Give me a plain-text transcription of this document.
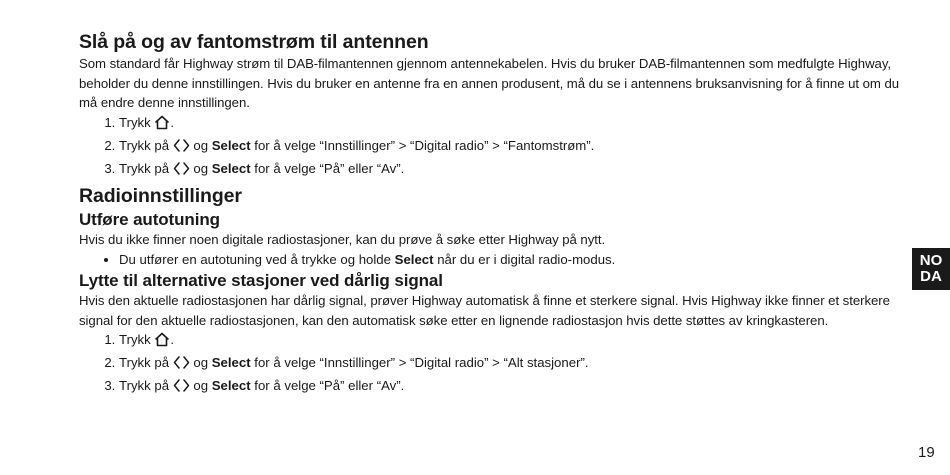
Slå på og av fantomstrøm til antennen

Som standard får Highway strøm til DAB-filmantennen gjennom antennekabelen. Hvis du bruker DAB-filmantennen som medfulgte Highway, beholder du denne innstillingen. Hvis du bruker en antenne fra en annen produsent, må du se i antennens bruksanvisning for å finne ut om du må endre denne innstillingen.

1. Trykk .
2. Trykk på og Select for å velge “Innstillinger” > “Digital radio” > “Fantomstrøm”.
3. Trykk på og Select for å velge “På” eller “Av”.
Radioinnstillinger
Utføre autotuning

Hvis du ikke finner noen digitale radiostasjoner, kan du prøve å søke etter Highway på nytt.

• Du utfører en autotuning ved å trykke og holde Select når du er i digital radio-modus.
Lytte til alternative stasjoner ved dårlig signal

Hvis den aktuelle radiostasjonen har dårlig signal, prøver Highway automatisk å finne et sterkere signal. Hvis Highway ikke finner et sterkere signal for den aktuelle radiostasjonen, kan den automatisk søke etter en lignende radiostasjon hvis dette støttes av kringkasteren.

1. Trykk .
2. Trykk på og Select for å velge “Innstillinger” > “Digital radio” > “Alt stasjoner”.
3. Trykk på og Select for å velge “På” eller “Av”.
NO
DA
19
